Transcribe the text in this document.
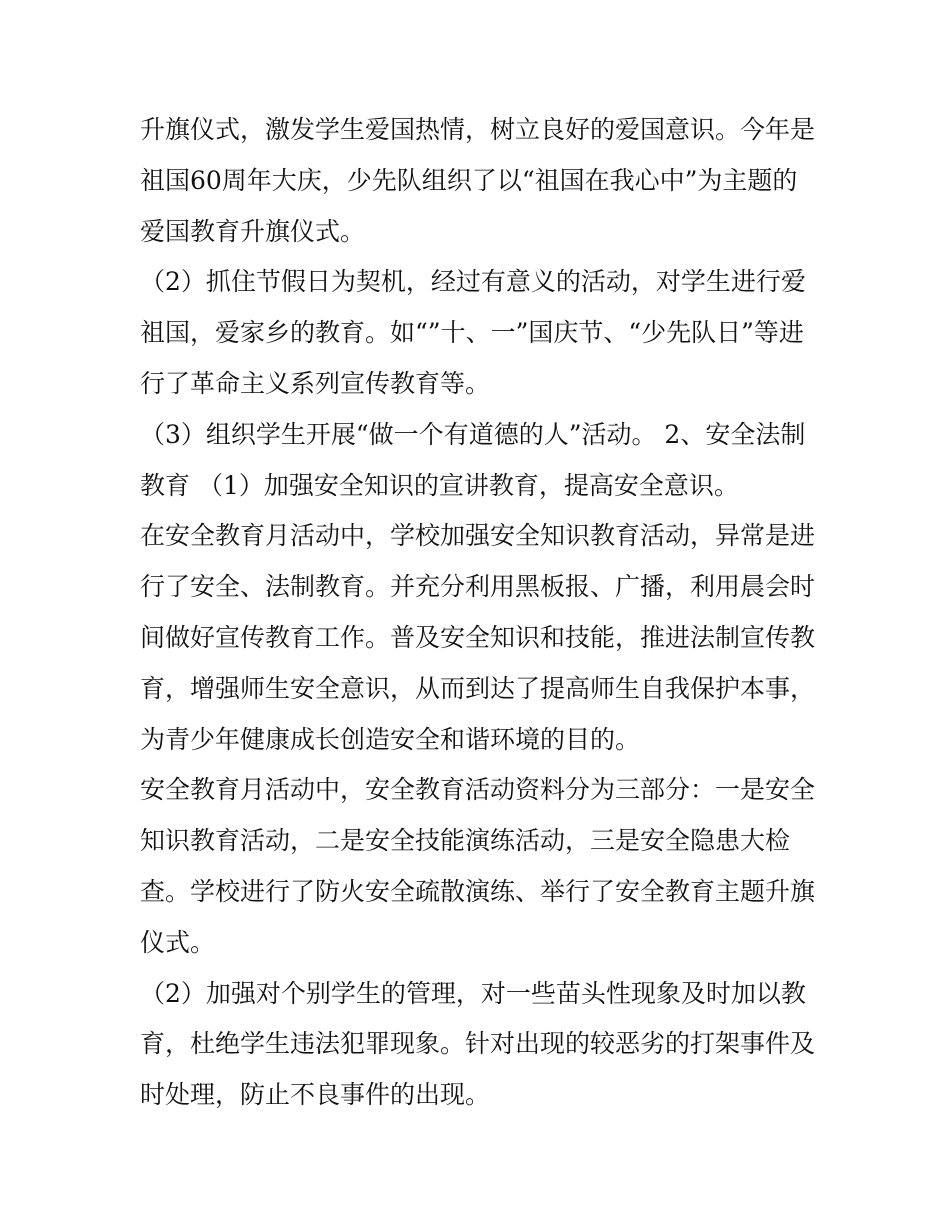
升旗仪式，激发学生爱国热情，树立良好的爱国意识。今年是
祖国60周年大庆，少先队组织了以“祖国在我心中”为主题的
爱国教育升旗仪式。
（2）抓住节假日为契机，经过有意义的活动，对学生进行爱
祖国，爱家乡的教育。如“”十、一”国庆节、“少先队日”等进
行了革命主义系列宣传教育等。
（3）组织学生开展“做一个有道德的人”活动。 2、安全法制
教育 （1）加强安全知识的宣讲教育，提高安全意识。
在安全教育月活动中，学校加强安全知识教育活动，异常是进
行了安全、法制教育。并充分利用黑板报、广播，利用晨会时
间做好宣传教育工作。普及安全知识和技能，推进法制宣传教
育，增强师生安全意识，从而到达了提高师生自我保护本事，
为青少年健康成长创造安全和谐环境的目的。
安全教育月活动中，安全教育活动资料分为三部分：一是安全
知识教育活动，二是安全技能演练活动，三是安全隐患大检
查。学校进行了防火安全疏散演练、举行了安全教育主题升旗
仪式。
（2）加强对个别学生的管理，对一些苗头性现象及时加以教
育，杜绝学生违法犯罪现象。针对出现的较恶劣的打架事件及
时处理，防止不良事件的出现。
